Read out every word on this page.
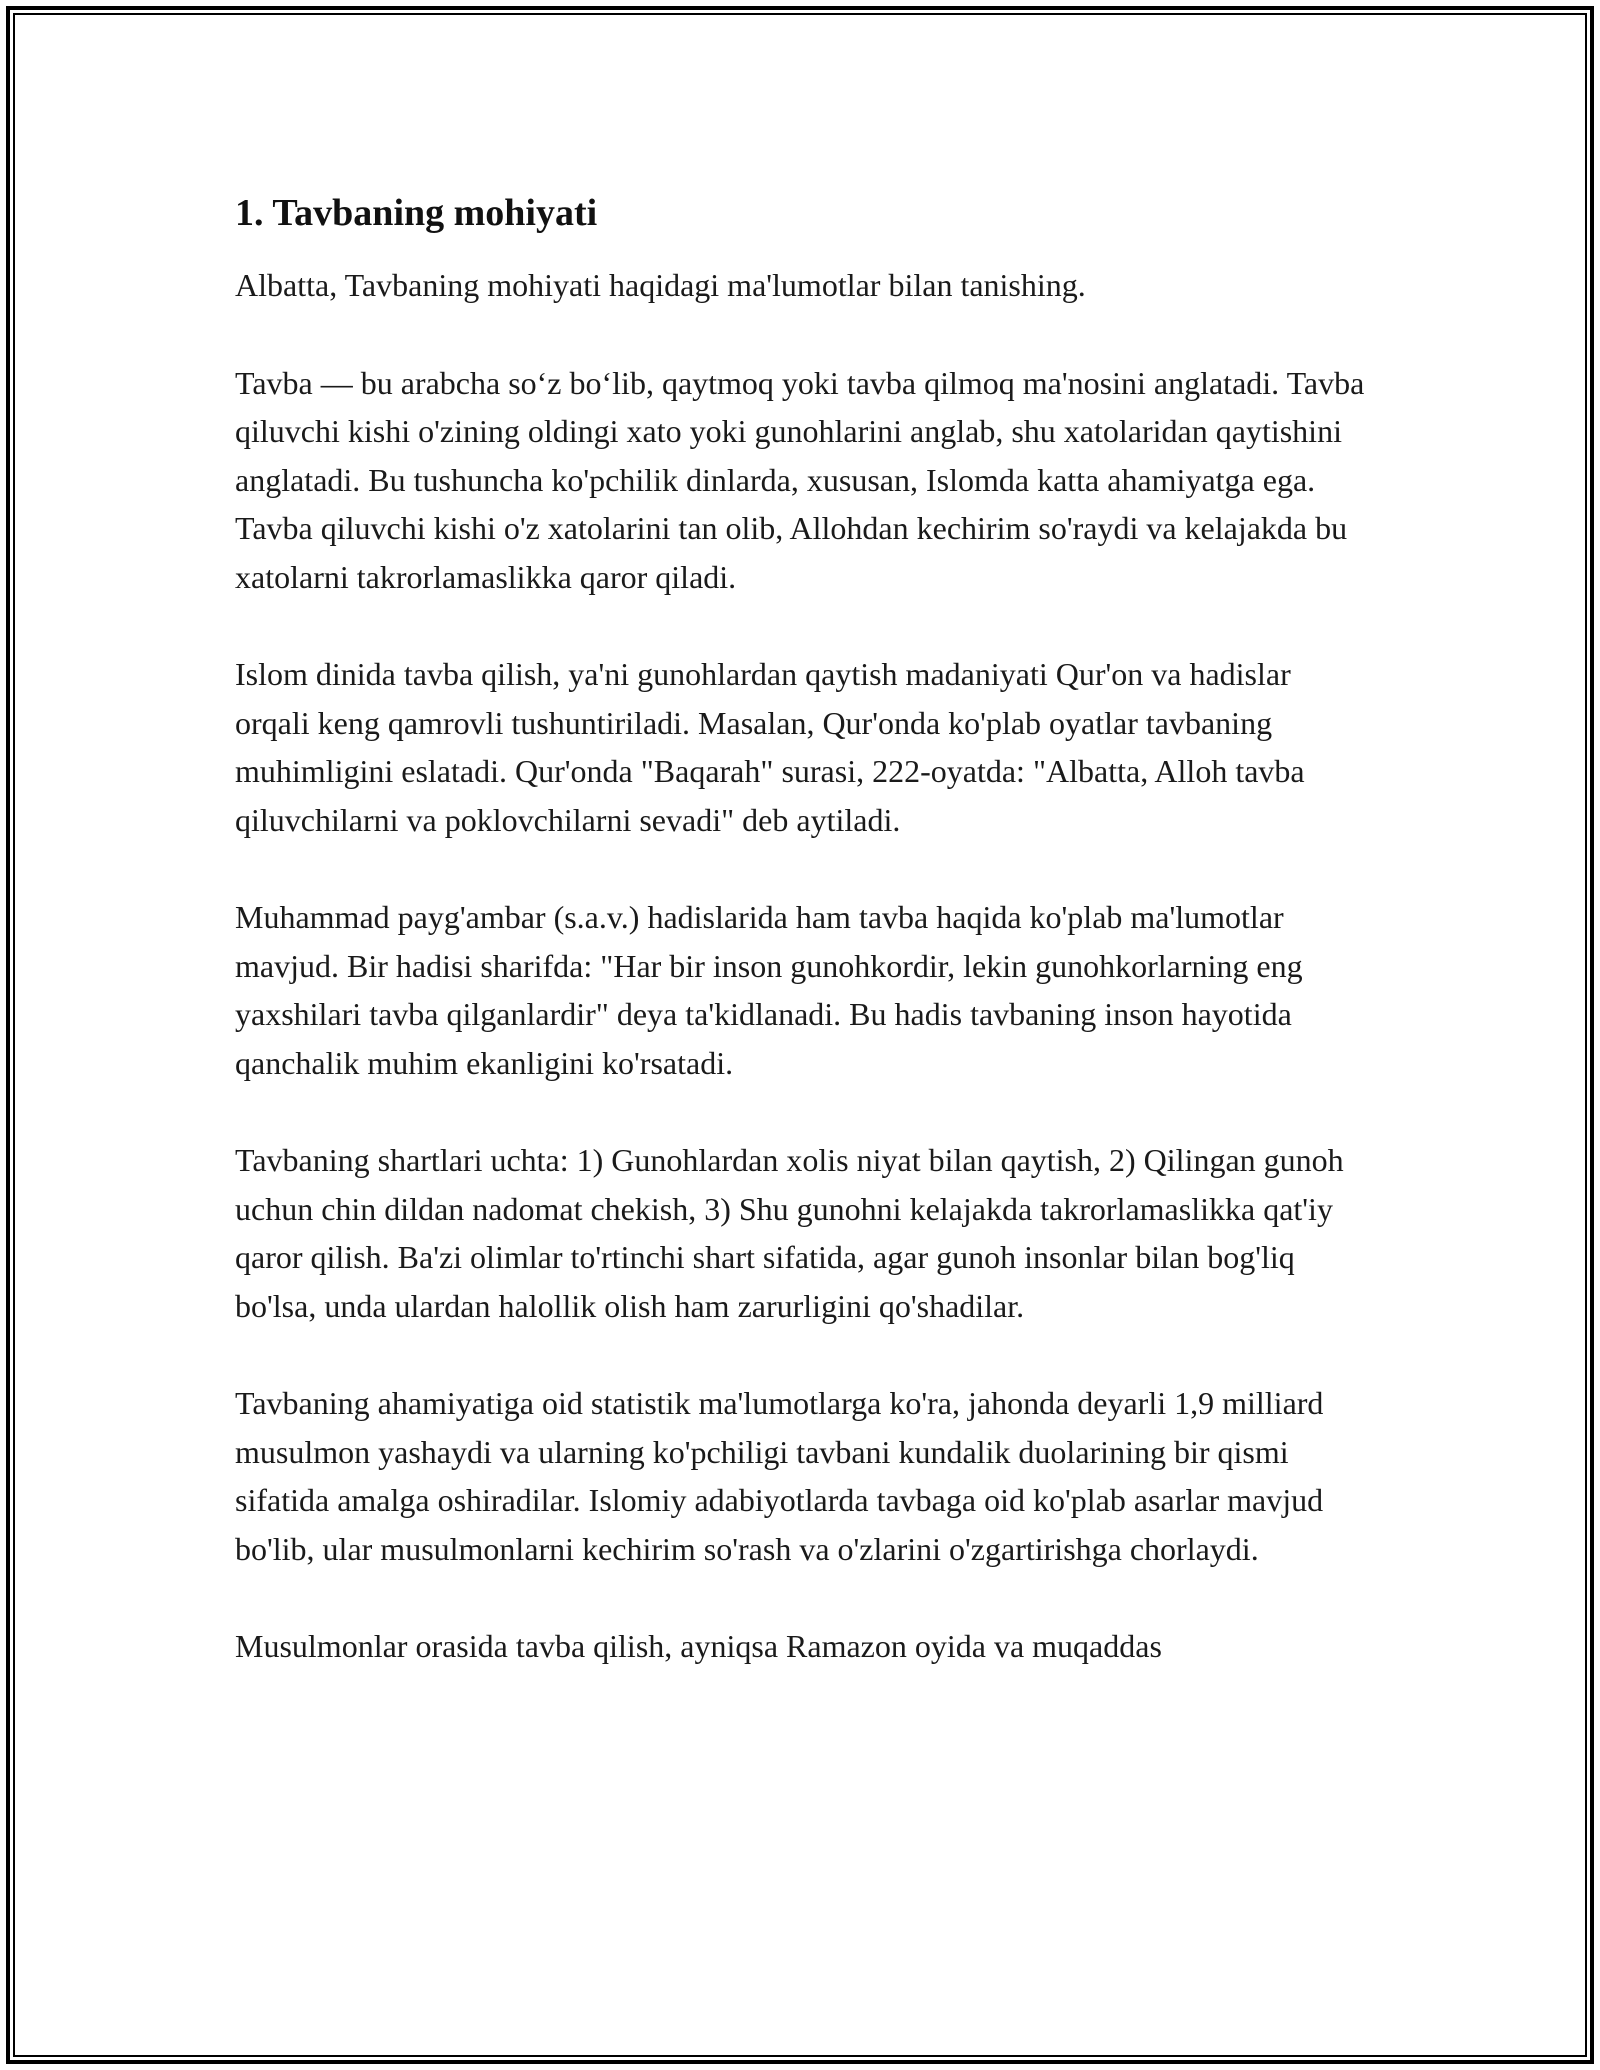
1. Tavbaning mohiyati

Albatta, Tavbaning mohiyati haqidagi ma'lumotlar bilan tanishing.

Tavba — bu arabcha so‘z bo‘lib, qaytmoq yoki tavba qilmoq ma'nosini anglatadi. Tavba qiluvchi kishi o'zining oldingi xato yoki gunohlarini anglab, shu xatolaridan qaytishini anglatadi. Bu tushuncha ko'pchilik dinlarda, xususan, Islomda katta ahamiyatga ega. Tavba qiluvchi kishi o'z xatolarini tan olib, Allohdan kechirim so'raydi va kelajakda bu xatolarni takrorlamaslikka qaror qiladi.

Islom dinida tavba qilish, ya'ni gunohlardan qaytish madaniyati Qur'on va hadislar orqali keng qamrovli tushuntiriladi. Masalan, Qur'onda ko'plab oyatlar tavbaning muhimligini eslatadi. Qur'onda "Baqarah" surasi, 222-oyatda: "Albatta, Alloh tavba qiluvchilarni va poklovchilarni sevadi" deb aytiladi.

Muhammad payg'ambar (s.a.v.) hadislarida ham tavba haqida ko'plab ma'lumotlar mavjud. Bir hadisi sharifda: "Har bir inson gunohkordir, lekin gunohkorlarning eng yaxshilari tavba qilganlardir" deya ta'kidlanadi. Bu hadis tavbaning inson hayotida qanchalik muhim ekanligini ko'rsatadi.

Tavbaning shartlari uchta: 1) Gunohlardan xolis niyat bilan qaytish, 2) Qilingan gunoh uchun chin dildan nadomat chekish, 3) Shu gunohni kelajakda takrorlamaslikka qat'iy qaror qilish. Ba'zi olimlar to'rtinchi shart sifatida, agar gunoh insonlar bilan bog'liq bo'lsa, unda ulardan halollik olish ham zarurligini qo'shadilar.

Tavbaning ahamiyatiga oid statistik ma'lumotlarga ko'ra, jahonda deyarli 1,9 milliard musulmon yashaydi va ularning ko'pchiligi tavbani kundalik duolarining bir qismi sifatida amalga oshiradilar. Islomiy adabiyotlarda tavbaga oid ko'plab asarlar mavjud bo'lib, ular musulmonlarni kechirim so'rash va o'zlarini o'zgartirishga chorlaydi.

Musulmonlar orasida tavba qilish, ayniqsa Ramazon oyida va muqaddas
